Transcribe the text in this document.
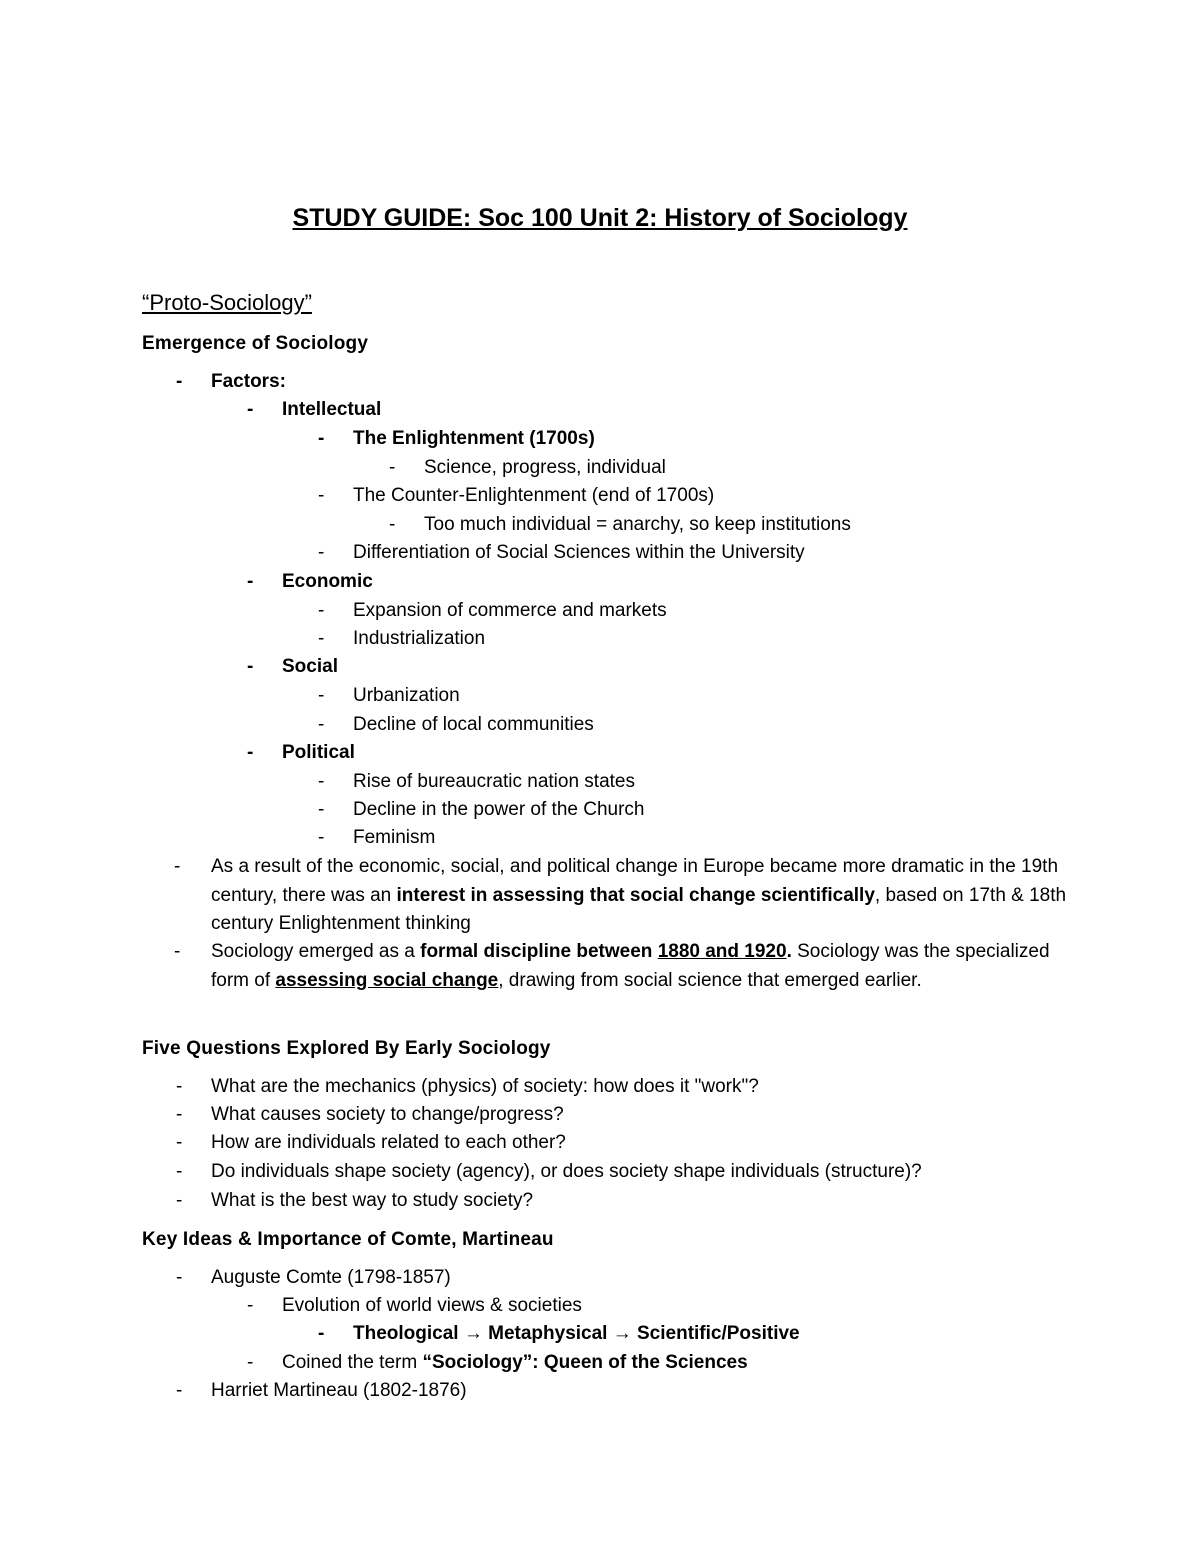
STUDY GUIDE: Soc 100 Unit 2: History of Sociology
“Proto-Sociology”
Emergence of Sociology
- Factors:
- Intellectual
- The Enlightenment (1700s)
- Science, progress, individual
- The Counter-Enlightenment (end of 1700s)
- Too much individual = anarchy, so keep institutions
- Differentiation of Social Sciences within the University
- Economic
- Expansion of commerce and markets
- Industrialization
- Social
- Urbanization
- Decline of local communities
- Political
- Rise of bureaucratic nation states
- Decline in the power of the Church
- Feminism
- As a result of the economic, social, and political change in Europe became more dramatic in the 19th century, there was an interest in assessing that social change scientifically, based on 17th & 18th century Enlightenment thinking
- Sociology emerged as a formal discipline between 1880 and 1920. Sociology was the specialized form of assessing social change, drawing from social science that emerged earlier.
Five Questions Explored By Early Sociology
- What are the mechanics (physics) of society: how does it "work"?
- What causes society to change/progress?
- How are individuals related to each other?
- Do individuals shape society (agency), or does society shape individuals (structure)?
- What is the best way to study society?
Key Ideas & Importance of Comte, Martineau
- Auguste Comte (1798-1857)
- Evolution of world views & societies
- Theological → Metaphysical → Scientific/Positive
- Coined the term “Sociology”: Queen of the Sciences
- Harriet Martineau (1802-1876)
